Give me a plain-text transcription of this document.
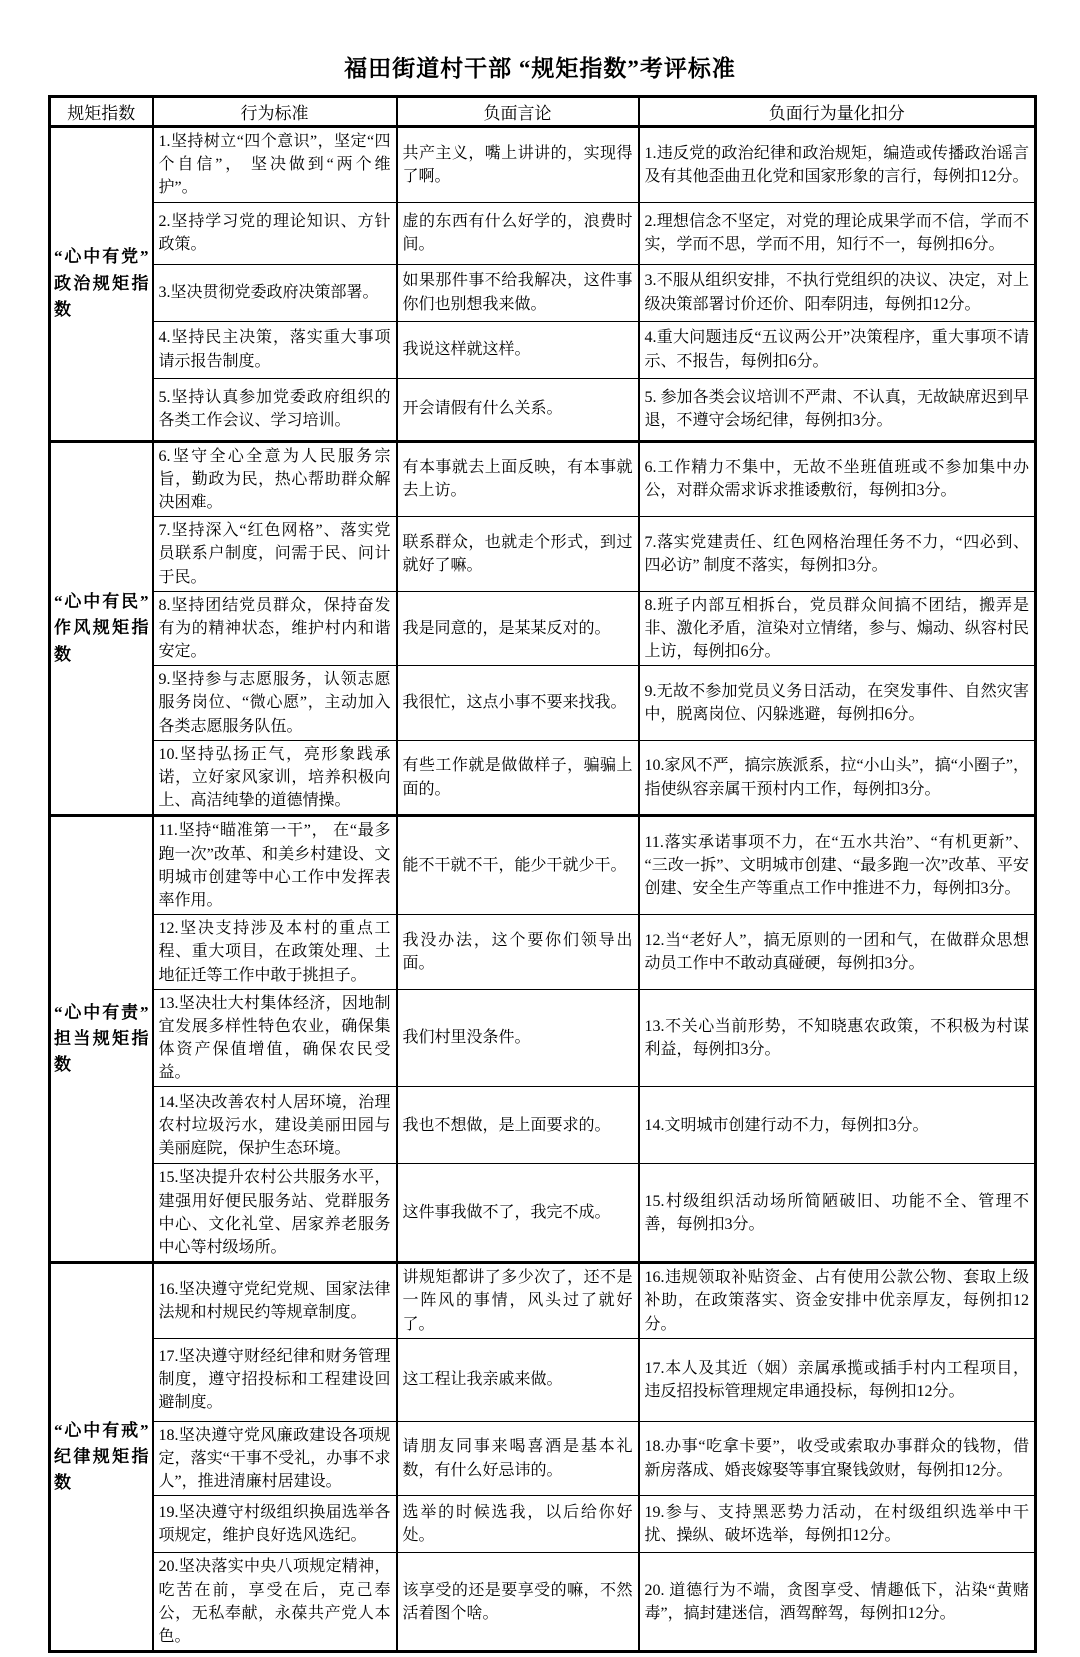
福田街道村干部 “规矩指数”考评标准
规矩指数	行为标准	负面言论	负面行为量化扣分
“心中有党”政治规矩指数	1.坚持树立“四个意识”，坚定“四个自信”， 坚决做到“两个维护”。	共产主义，嘴上讲讲的，实现得了啊。	1.违反党的政治纪律和政治规矩，编造或传播政治谣言及有其他歪曲丑化党和国家形象的言行，每例扣12分。
	2.坚持学习党的理论知识、方针政策。	虚的东西有什么好学的，浪费时间。	2.理想信念不坚定，对党的理论成果学而不信，学而不实，学而不思，学而不用，知行不一，每例扣6分。
	3.坚决贯彻党委政府决策部署。	如果那件事不给我解决，这件事你们也别想我来做。	3.不服从组织安排，不执行党组织的决议、决定，对上级决策部署讨价还价、阳奉阴违，每例扣12分。
	4.坚持民主决策，落实重大事项请示报告制度。	我说这样就这样。	4.重大问题违反“五议两公开”决策程序，重大事项不请示、不报告，每例扣6分。
	5.坚持认真参加党委政府组织的各类工作会议、学习培训。	开会请假有什么关系。	5. 参加各类会议培训不严肃、不认真，无故缺席迟到早退，不遵守会场纪律，每例扣3分。
“心中有民”作风规矩指数	6.坚守全心全意为人民服务宗旨，勤政为民，热心帮助群众解决困难。	有本事就去上面反映，有本事就去上访。	6.工作精力不集中，无故不坐班值班或不参加集中办公，对群众需求诉求推诿敷衍，每例扣3分。
	7.坚持深入“红色网格”、落实党员联系户制度，问需于民、问计于民。	联系群众，也就走个形式，到过就好了嘛。	7.落实党建责任、红色网格治理任务不力，“四必到、四必访” 制度不落实，每例扣3分。
	8.坚持团结党员群众，保持奋发有为的精神状态，维护村内和谐安定。	我是同意的，是某某反对的。	8.班子内部互相拆台，党员群众间搞不团结，搬弄是非、激化矛盾，渲染对立情绪，参与、煽动、纵容村民上访，每例扣6分。
	9.坚持参与志愿服务，认领志愿服务岗位、“微心愿”，主动加入各类志愿服务队伍。	我很忙，这点小事不要来找我。	9.无故不参加党员义务日活动，在突发事件、自然灾害中，脱离岗位、闪躲逃避，每例扣6分。
	10.坚持弘扬正气，亮形象践承诺，立好家风家训，培养积极向上、高洁纯挚的道德情操。	有些工作就是做做样子，骗骗上面的。	10.家风不严，搞宗族派系，拉“小山头”，搞“小圈子”，指使纵容亲属干预村内工作，每例扣3分。
“心中有责”担当规矩指数	11.坚持“瞄准第一干”， 在“最多跑一次”改革、和美乡村建设、文明城市创建等中心工作中发挥表率作用。	能不干就不干，能少干就少干。	11.落实承诺事项不力，在“五水共治”、“有机更新”、“三改一拆”、文明城市创建、“最多跑一次”改革、平安创建、安全生产等重点工作中推进不力，每例扣3分。
	12.坚决支持涉及本村的重点工程、重大项目，在政策处理、土地征迁等工作中敢于挑担子。	我没办法，这个要你们领导出面。	12.当“老好人”，搞无原则的一团和气，在做群众思想动员工作中不敢动真碰硬，每例扣3分。
	13.坚决壮大村集体经济，因地制宜发展多样性特色农业，确保集体资产保值增值，确保农民受益。	我们村里没条件。	13.不关心当前形势，不知晓惠农政策，不积极为村谋利益，每例扣3分。
	14.坚决改善农村人居环境，治理农村垃圾污水，建设美丽田园与美丽庭院，保护生态环境。	我也不想做，是上面要求的。	14.文明城市创建行动不力，每例扣3分。
	15.坚决提升农村公共服务水平，建强用好便民服务站、党群服务中心、文化礼堂、居家养老服务中心等村级场所。	这件事我做不了，我完不成。	15.村级组织活动场所简陋破旧、功能不全、管理不善，每例扣3分。
“心中有戒”纪律规矩指数	16.坚决遵守党纪党规、国家法律法规和村规民约等规章制度。	讲规矩都讲了多少次了，还不是一阵风的事情，风头过了就好了。	16.违规领取补贴资金、占有使用公款公物、套取上级补助，在政策落实、资金安排中优亲厚友，每例扣12分。
	17.坚决遵守财经纪律和财务管理制度，遵守招投标和工程建设回避制度。	这工程让我亲戚来做。	17.本人及其近（姻）亲属承揽或插手村内工程项目，违反招投标管理规定串通投标，每例扣12分。
	18.坚决遵守党风廉政建设各项规定，落实“干事不受礼，办事不求人”，推进清廉村居建设。	请朋友同事来喝喜酒是基本礼数，有什么好忌讳的。	18.办事“吃拿卡要”，收受或索取办事群众的钱物，借新房落成、婚丧嫁娶等事宜聚钱敛财，每例扣12分。
	19.坚决遵守村级组织换届选举各项规定，维护良好选风选纪。	选举的时候选我，以后给你好处。	19.参与、支持黑恶势力活动，在村级组织选举中干扰、操纵、破坏选举，每例扣12分。
	20.坚决落实中央八项规定精神，吃苦在前，享受在后，克己奉公，无私奉献，永葆共产党人本色。	该享受的还是要享受的嘛，不然活着图个啥。	20. 道德行为不端，贪图享受、情趣低下，沾染“黄赌毒”，搞封建迷信，酒驾醉驾，每例扣12分。
